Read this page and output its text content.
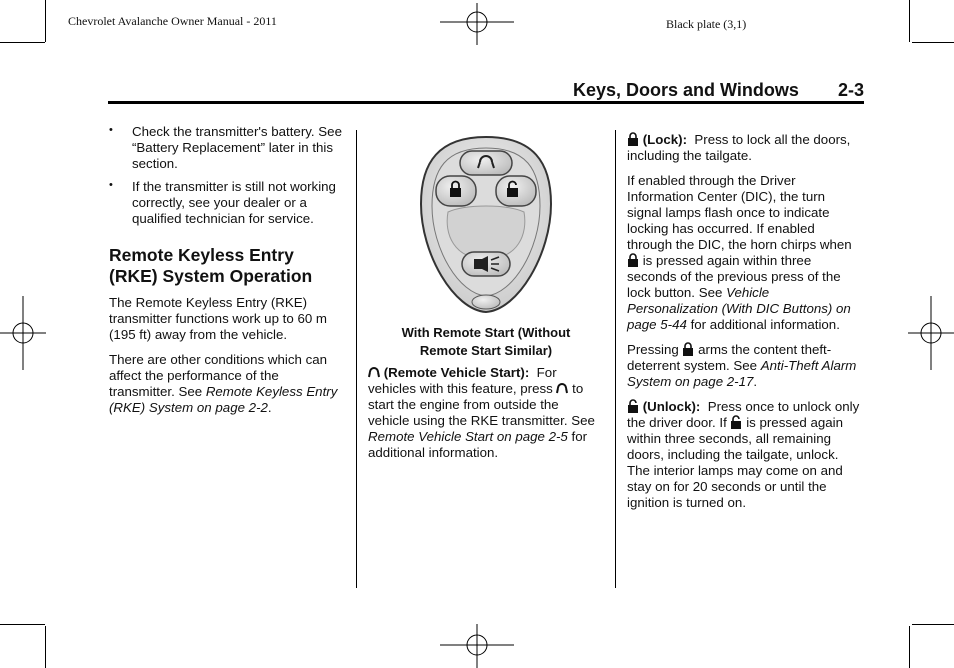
Chevrolet Avalanche Owner Manual - 2011	Black plate (3,1)
Keys, Doors and Windows 2-3
• Check the transmitter's battery. See “Battery Replacement” later in this section.
• If the transmitter is still not working correctly, see your dealer or a qualified technician for service.
Remote Keyless Entry (RKE) System Operation

The Remote Keyless Entry (RKE) transmitter functions work up to 60 m (195 ft) away from the vehicle.

There are other conditions which can affect the performance of the transmitter. See Remote Keyless Entry (RKE) System on page 2-2.

With Remote Start (Without Remote Start Similar)

(Remote Vehicle Start): For vehicles with this feature, press to start the engine from outside the vehicle using the RKE transmitter. See Remote Vehicle Start on page 2-5 for additional information.

(Lock): Press to lock all the doors, including the tailgate.

If enabled through the Driver Information Center (DIC), the turn signal lamps flash once to indicate locking has occurred. If enabled through the DIC, the horn chirps when  is pressed again within three seconds of the previous press of the lock button. See Vehicle Personalization (With DIC Buttons) on page 5-44 for additional information.

Pressing arms the content theft-deterrent system. See Anti-Theft Alarm System on page 2-17.

(Unlock): Press once to unlock only the driver door. If is pressed again within three seconds, all remaining doors, including the tailgate, unlock. The interior lamps may come on and stay on for 20 seconds or until the ignition is turned on.
